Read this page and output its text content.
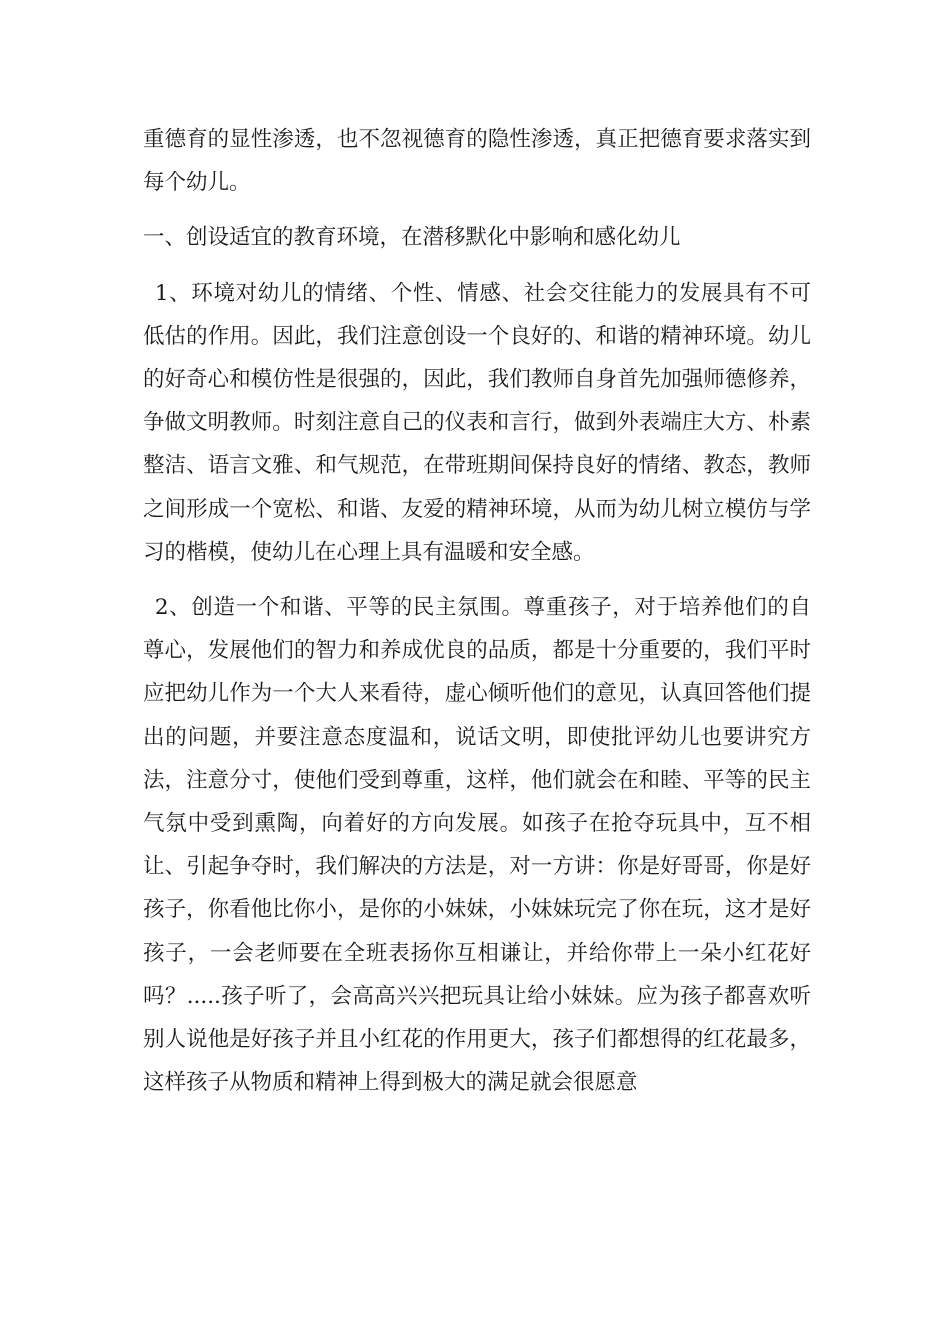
重德育的显性渗透，也不忽视德育的隐性渗透，真正把德育要求落实到每个幼儿。

一、创设适宜的教育环境，在潜移默化中影响和感化幼儿

1、环境对幼儿的情绪、个性、情感、社会交往能力的发展具有不可低估的作用。因此，我们注意创设一个良好的、和谐的精神环境。幼儿的好奇心和模仿性是很强的，因此，我们教师自身首先加强师德修养，争做文明教师。时刻注意自己的仪表和言行，做到外表端庄大方、朴素整洁、语言文雅、和气规范，在带班期间保持良好的情绪、教态，教师之间形成一个宽松、和谐、友爱的精神环境，从而为幼儿树立模仿与学习的楷模，使幼儿在心理上具有温暖和安全感。

2、创造一个和谐、平等的民主氛围。尊重孩子，对于培养他们的自尊心，发展他们的智力和养成优良的品质，都是十分重要的，我们平时应把幼儿作为一个大人来看待，虚心倾听他们的意见，认真回答他们提出的问题，并要注意态度温和，说话文明，即使批评幼儿也要讲究方法，注意分寸，使他们受到尊重，这样，他们就会在和睦、平等的民主气氛中受到熏陶，向着好的方向发展。如孩子在抢夺玩具中，互不相让、引起争夺时，我们解决的方法是，对一方讲：你是好哥哥，你是好孩子，你看他比你小，是你的小妹妹，小妹妹玩完了你在玩，这才是好孩子，一会老师要在全班表扬你互相谦让，并给你带上一朵小红花好吗？.....孩子听了，会高高兴兴把玩具让给小妹妹。应为孩子都喜欢听别人说他是好孩子并且小红花的作用更大，孩子们都想得的红花最多，这样孩子从物质和精神上得到极大的满足就会很愿意
